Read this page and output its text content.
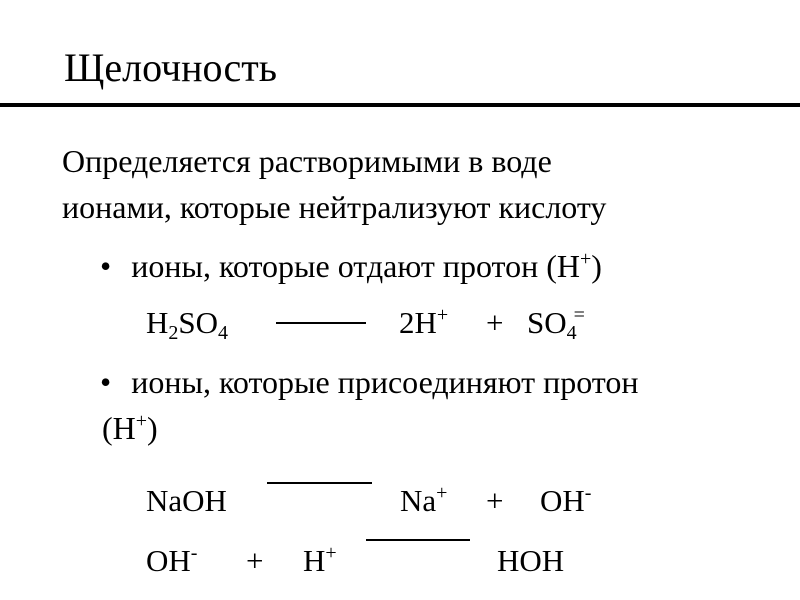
Щелочность
Определяется растворимыми в воде
ионами, которые нейтрализуют кислоту
• ионы, которые отдают протон (H+)
$H_2SO_4$	$2H^+ + SO_4^=$
• ионы, которые присоединяют протон
(H+)
NaOH	Na+ + OH-
OH- + H+	HOH
